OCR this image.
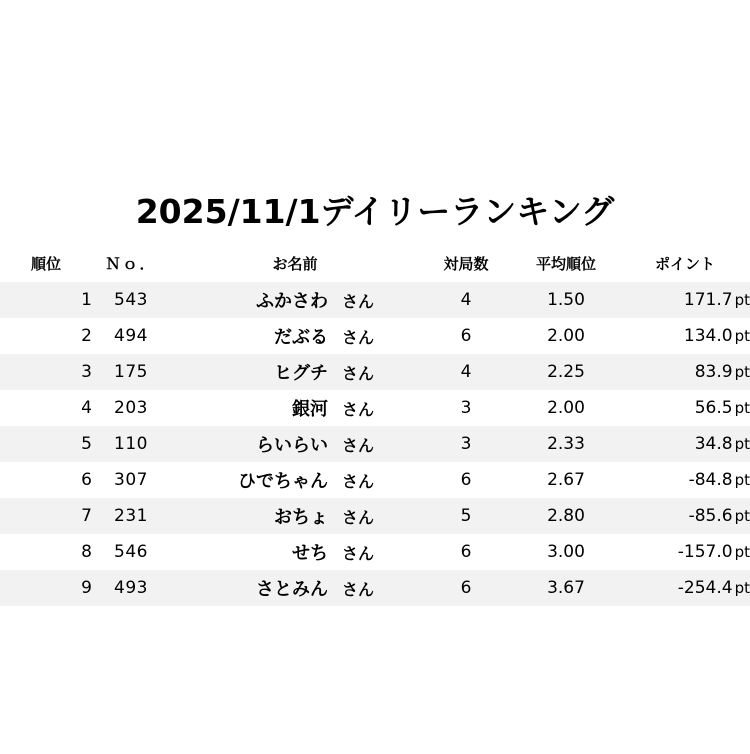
2025/11/1デイリーランキング
順位	Ｎｏ．	お名前	対局数	平均順位	ポイント
1	543	ふかさわ さん	4	1.50	171.7 pt
2	494	だぶる さん	6	2.00	134.0 pt
3	175	ヒグチ さん	4	2.25	83.9 pt
4	203	銀河 さん	3	2.00	56.5 pt
5	110	らいらい さん	3	2.33	34.8 pt
6	307	ひでちゃん さん	6	2.67	-84.8 pt
7	231	おちょ さん	5	2.80	-85.6 pt
8	546	せち さん	6	3.00	-157.0 pt
9	493	さとみん さん	6	3.67	-254.4 pt
